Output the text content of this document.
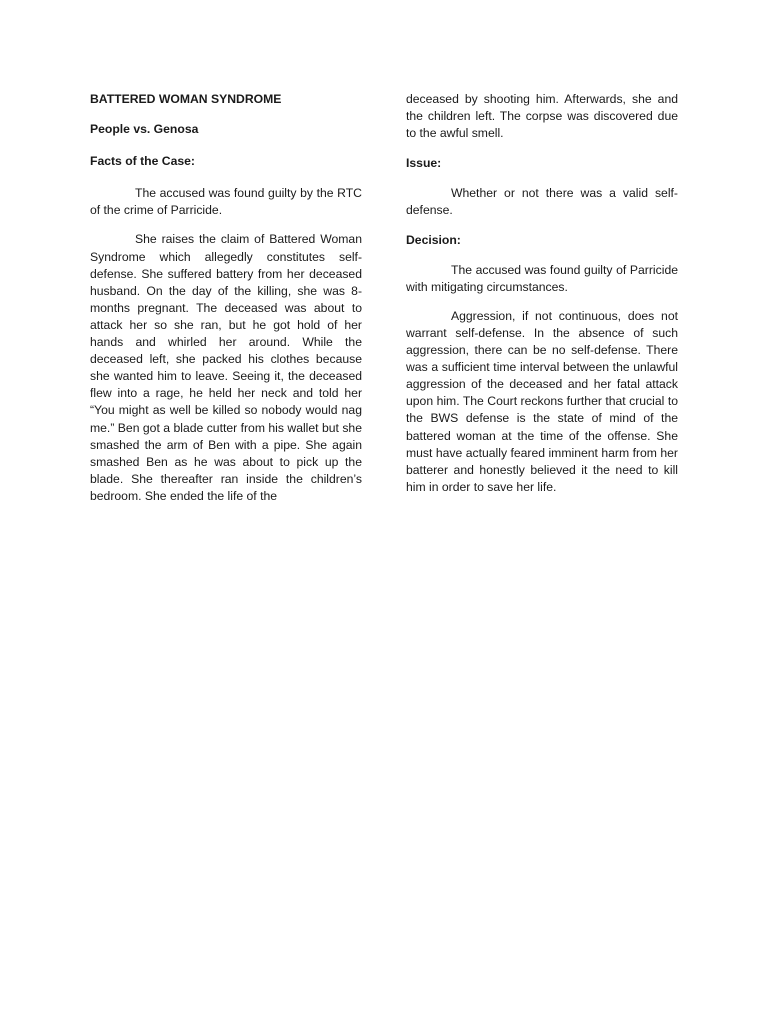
BATTERED WOMAN SYNDROME
People vs. Genosa
Facts of the Case:

The accused was found guilty by the RTC of the crime of Parricide.

She raises the claim of Battered Woman Syndrome which allegedly constitutes self-defense. She suffered battery from her deceased husband. On the day of the killing, she was 8-months pregnant. The deceased was about to attack her so she ran, but he got hold of her hands and whirled her around. While the deceased left, she packed his clothes because she wanted him to leave. Seeing it, the deceased flew into a rage, he held her neck and told her “You might as well be killed so nobody would nag me.” Ben got a blade cutter from his wallet but she smashed the arm of Ben with a pipe. She again smashed Ben as he was about to pick up the blade. She thereafter ran inside the children’s bedroom. She ended the life of the

deceased by shooting him. Afterwards, she and the children left. The corpse was discovered due to the awful smell.

Issue:

Whether or not there was a valid self-defense.

Decision:

The accused was found guilty of Parricide with mitigating circumstances.

Aggression, if not continuous, does not warrant self-defense. In the absence of such aggression, there can be no self-defense. There was a sufficient time interval between the unlawful aggression of the deceased and her fatal attack upon him. The Court reckons further that crucial to the BWS defense is the state of mind of the battered woman at the time of the offense. She must have actually feared imminent harm from her batterer and honestly believed it the need to kill him in order to save her life.
